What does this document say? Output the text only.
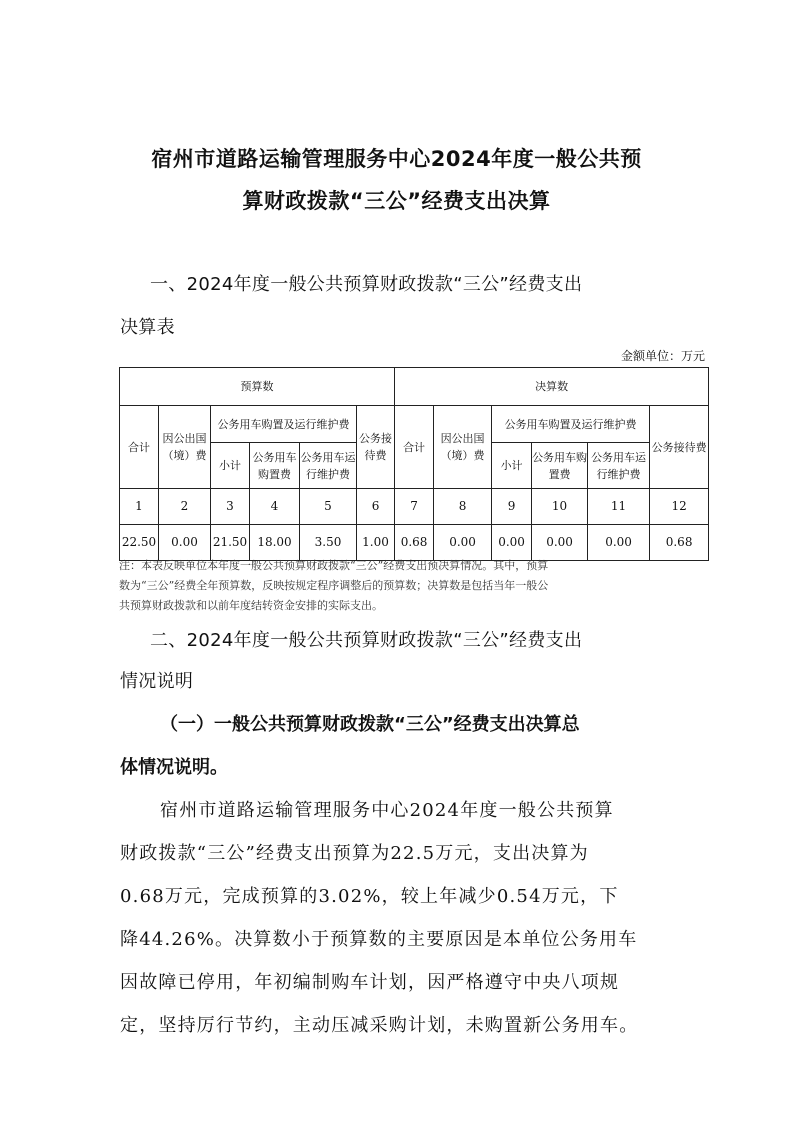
宿州市道路运输管理服务中心2024年度一般公共预
算财政拨款“三公”经费支出决算
一、2024年度一般公共预算财政拨款“三公”经费支出
决算表
金额单位：万元
预算数						决算数					
合计	因公出国（境）费	公务用车购置及运行维护费			公务接待费	合计	因公出国（境）费	公务用车购置及运行维护费			公务接待费
		小计	公务用车购置费	公务用车运行维护费				小计	公务用车购置费	公务用车运行维护费	
1	2	3	4	5	6	7	8	9	10	11	12
22.50	0.00	21.50	18.00	3.50	1.00	0.68	0.00	0.00	0.00	0.00	0.68
注：本表反映单位本年度一般公共预算财政拨款“三公”经费支出预决算情况。其中，预算
数为“三公”经费全年预算数，反映按规定程序调整后的预算数；决算数是包括当年一般公
共预算财政拨款和以前年度结转资金安排的实际支出。
二、2024年度一般公共预算财政拨款“三公”经费支出
情况说明
（一）一般公共预算财政拨款“三公”经费支出决算总
体情况说明。
宿州市道路运输管理服务中心2024年度一般公共预算
财政拨款“三公”经费支出预算为22.5万元，支出决算为
0.68万元，完成预算的3.02%，较上年减少0.54万元，下
降44.26%。决算数小于预算数的主要原因是本单位公务用车
因故障已停用，年初编制购车计划，因严格遵守中央八项规
定，坚持厉行节约，主动压减采购计划，未购置新公务用车。
